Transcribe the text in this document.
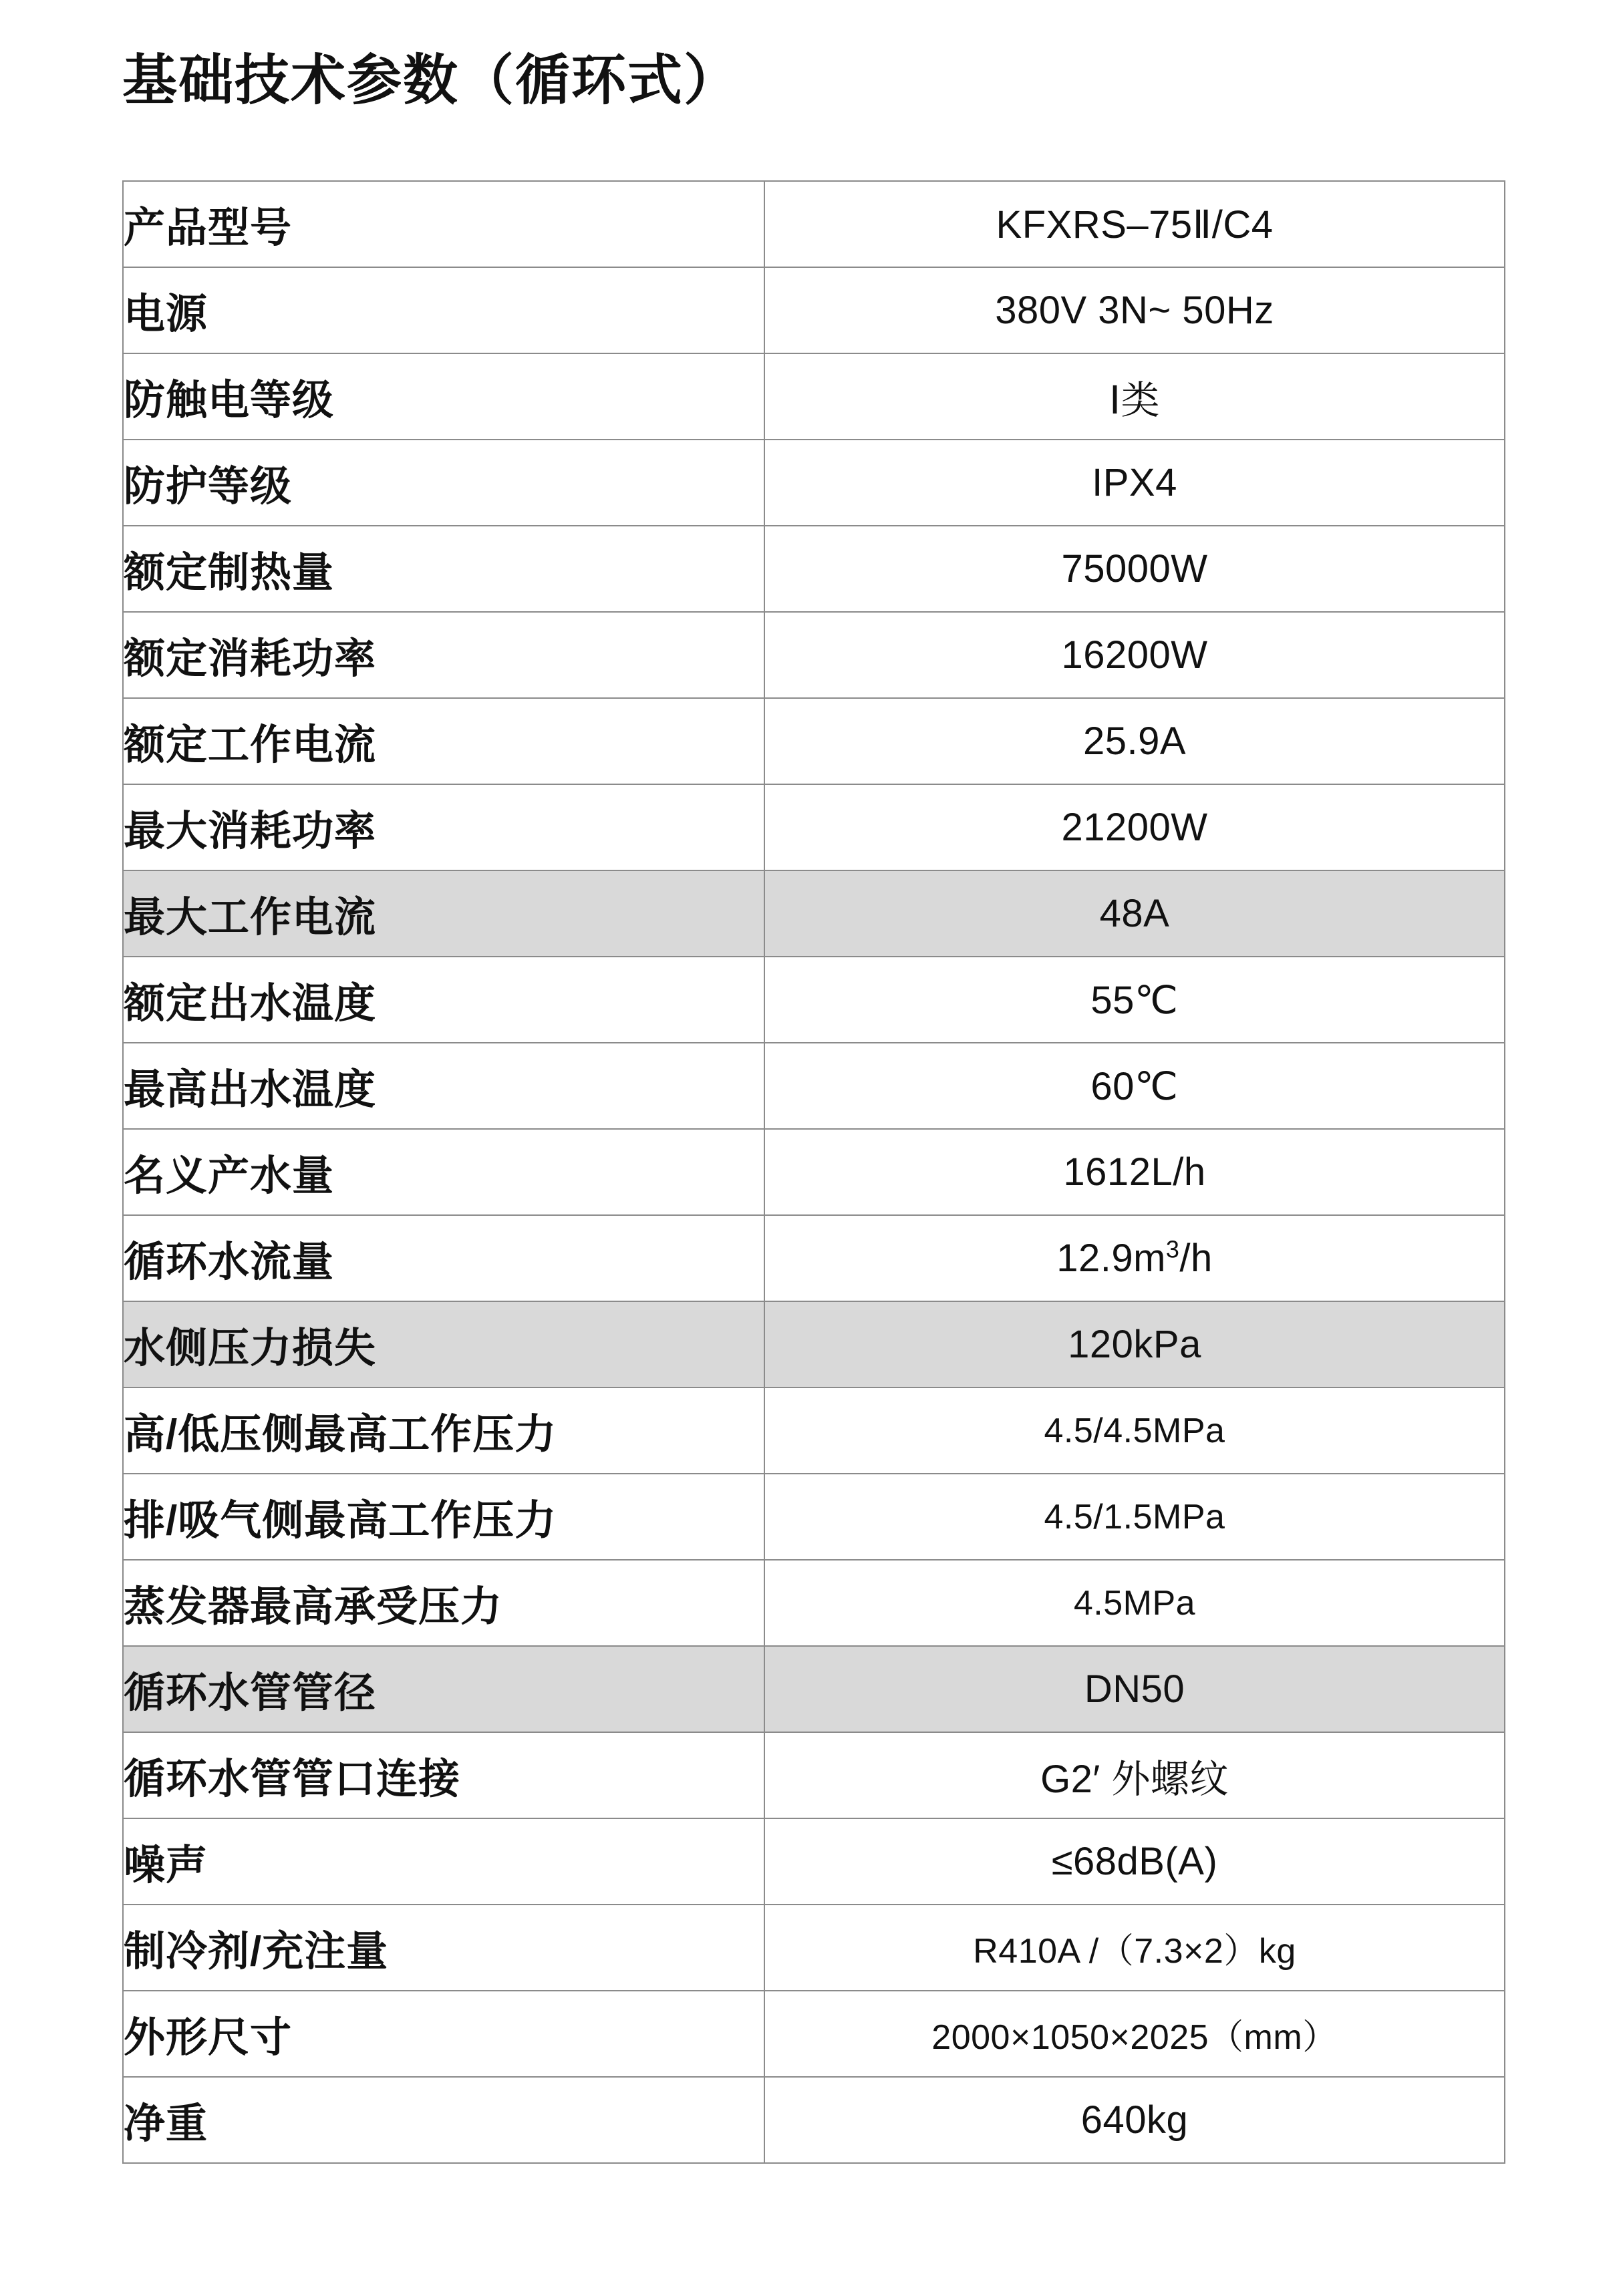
基础技术参数（循环式）
产品型号	KFXRS–75Ⅱ/C4
电源	380V 3N~ 50Hz
防触电等级	Ⅰ类
防护等级	IPX4
额定制热量	75000W
额定消耗功率	16200W
额定工作电流	25.9A
最大消耗功率	21200W
最大工作电流	48A
额定出水温度	55℃
最高出水温度	60℃
名义产水量	1612L/h
循环水流量	$12.9m^3/h$
水侧压力损失	120kPa
高/低压侧最高工作压力	4.5/4.5MPa
排/吸气侧最高工作压力	4.5/1.5MPa
蒸发器最高承受压力	4.5MPa
循环水管管径	DN50
循环水管管口连接	G2′ 外螺纹
噪声	≤68dB(A)
制冷剂/充注量	R410A /（7.3×2）kg
外形尺寸	2000×1050×2025（mm）
净重	640kg
